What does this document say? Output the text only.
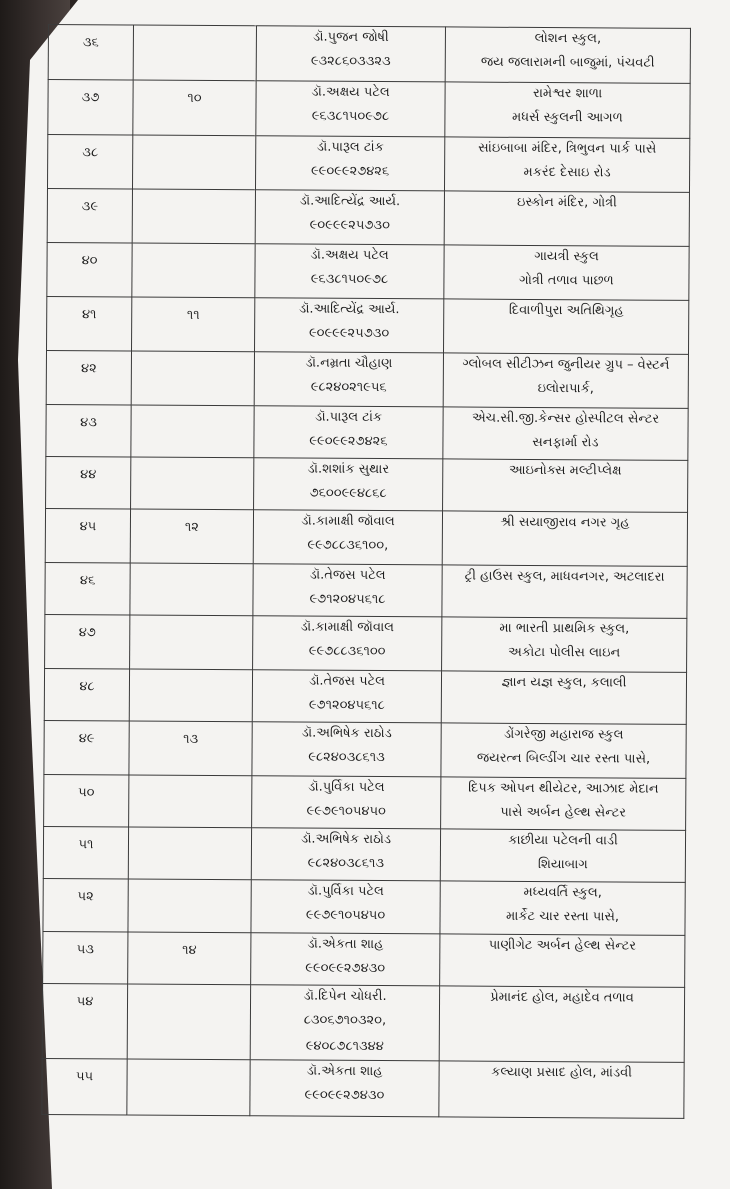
૩૬		ડૉ.પુજન જોષી
૯૩૨૮૬૦૩૩૨૩	લોશન સ્કુલ,
જય જલારામની બાજુમાં, પંચવટી

૩૭	૧૦	ડૉ.અક્ષય પટેલ
૯૬૩૮૧૫૦૯૭૮	રામેશ્વર શાળા
મધર્સ સ્કુલની આગળ

૩૮		ડૉ.પારૂલ ટાંક
૯૯૦૯૯૨૭૪૨૬	સાંઇબાબા મંદિર, ત્રિભુવન પાર્ક પાસે
મકરંદ દેસાઇ રોડ

૩૯		ડૉ.આદિત્યેંદ્ર આર્ય.
૯૦૯૯૯૨૫૭૩૦	ઇસ્કોન મંદિર, ગોત્રી

૪૦		ડૉ.અક્ષય પટેલ
૯૬૩૮૧૫૦૯૭૮	ગાયત્રી સ્કુલ
ગોત્રી તળાવ પાછળ

૪૧	૧૧	ડૉ.આદિત્યેંદ્ર આર્ય.
૯૦૯૯૯૨૫૭૩૦	દિવાળીપુરા અતિથિગૃહ

૪૨		ડૉ.નમ્રતા ચૌહાણ
૯૮૨૪૦૨૧૯૫૬	ગ્લોબલ સીટીઝન જુનીયર ગ્રુપ – વેસ્ટર્ન
ઇલોરાપાર્ક,

૪૩		ડૉ.પારૂલ ટાંક
૯૯૦૯૯૨૭૪૨૬	એચ.સી.જી.કેન્સર હોસ્પીટલ સેન્ટર
સનફાર્મા રોડ

૪૪		ડૉ.શશાંક સુથાર
૭૬૦૦૯૯૪૮૬૮	આઇનોક્સ મલ્ટીપ્લેક્ષ

૪૫	૧૨	ડૉ.કામાક્ષી જૉવાલ
૯૯૭૮૮૩૬૧૦૦,	શ્રી સયાજીરાવ નગર ગૃહ

૪૬		ડૉ.તેજસ પટેલ
૯૭૧૨૦૪૫૬૧૮	ટ્રી હાઉસ સ્કુલ, માધવનગર, અટલાદરા

૪૭		ડૉ.કામાક્ષી જૉવાલ
૯૯૭૮૮૩૬૧૦૦	મા ભારતી પ્રાથમિક સ્કુલ,
અકોટા પોલીસ લાઇન

૪૮		ડૉ.તેજસ પટેલ
૯૭૧૨૦૪૫૬૧૮	જ્ઞાન યજ્ઞ સ્કુલ, કલાલી

૪૯	૧૩	ડૉ.અભિષેક રાઠોડ
૯૮૨૪૦૩૮૬૧૩	ડોંગરેજી મહારાજ સ્કુલ
જયરત્ન બિલ્ડીંગ ચાર રસ્તા પાસે,

૫૦		ડૉ.પુર્વિકા પટેલ
૯૯૭૯૧૦૫૪૫૦	દિપક ઓપન થીયેટર, આઝાદ મેદાન
પાસે અર્બન હેલ્થ સેન્ટર

૫૧		ડૉ.અભિષેક રાઠોડ
૯૮૨૪૦૩૮૬૧૩	કાછીયા પટેલની વાડી
શિયાબાગ

૫૨		ડૉ.પુર્વિકા પટેલ
૯૯૭૯૧૦૫૪૫૦	મધ્યવર્તિ સ્કુલ,
માર્કેટ ચાર રસ્તા પાસે,

૫૩	૧૪	ડૉ.એકતા શાહ
૯૯૦૯૯૨૭૪૩૦	પાણીગેટ અર્બન હેલ્થ સેન્ટર

૫૪		ડૉ.દિપેન ચોધરી.
૮૩૦૬૭૧૦૩૨૦,
૯૪૦૮૭૮૧૩૪૪	પ્રેમાનંદ હોલ, મહાદેવ તળાવ

૫૫		ડૉ.એકતા શાહ
૯૯૦૯૯૨૭૪૩૦	કલ્યાણ પ્રસાદ હોલ, માંડવી
